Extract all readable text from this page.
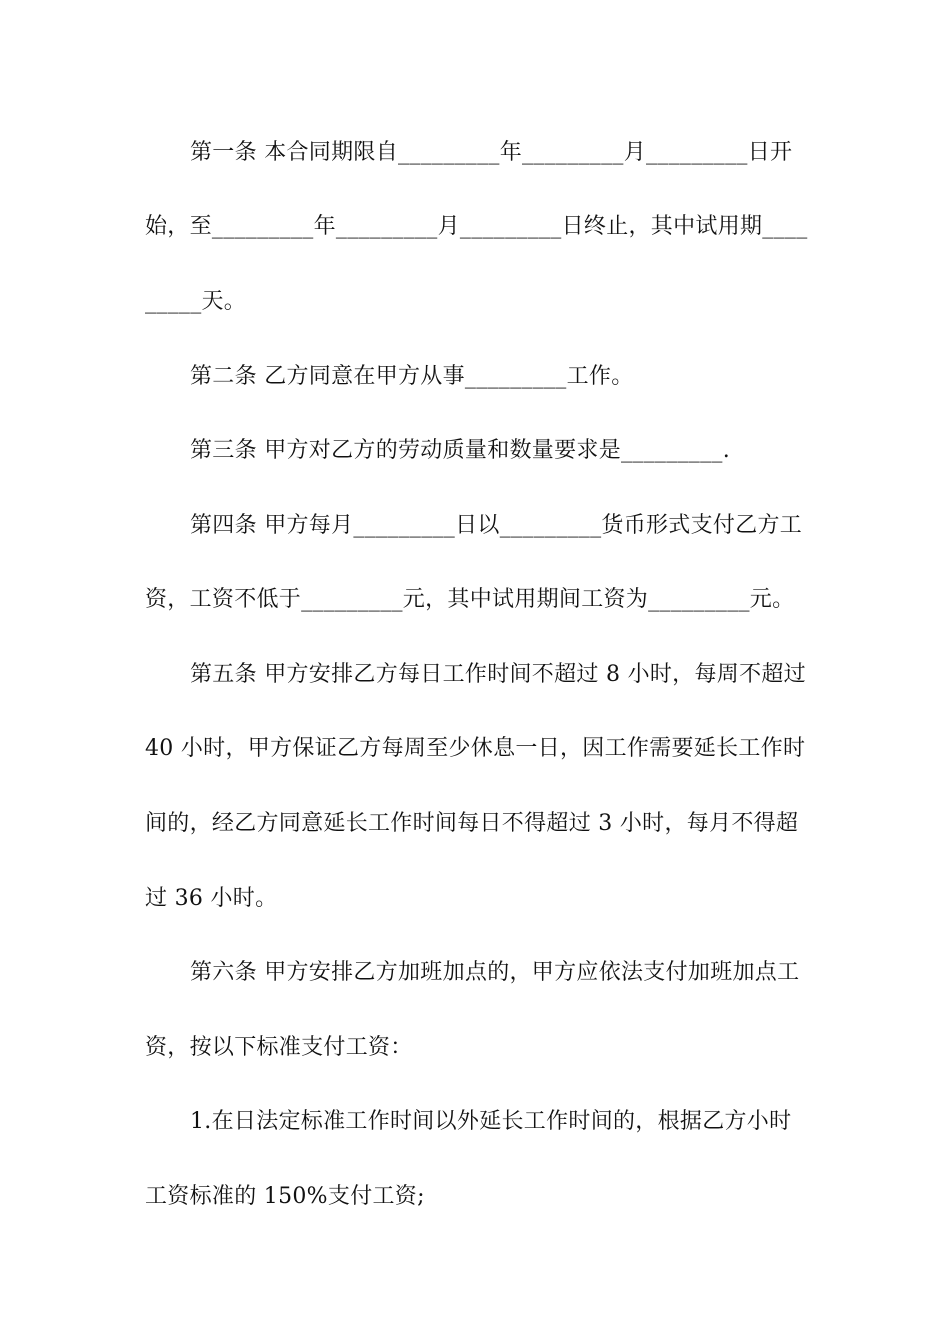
第一条 本合同期限自_________年_________月_________日开
始，至_________年_________月_________日终止，其中试用期____
_____天。
第二条 乙方同意在甲方从事_________工作。
第三条 甲方对乙方的劳动质量和数量要求是_________.
第四条 甲方每月_________日以_________货币形式支付乙方工
资，工资不低于_________元，其中试用期间工资为_________元。
第五条 甲方安排乙方每日工作时间不超过 8 小时，每周不超过
40 小时，甲方保证乙方每周至少休息一日，因工作需要延长工作时
间的，经乙方同意延长工作时间每日不得超过 3 小时，每月不得超
过 36 小时。
第六条 甲方安排乙方加班加点的，甲方应依法支付加班加点工
资，按以下标准支付工资：
1.在日法定标准工作时间以外延长工作时间的，根据乙方小时
工资标准的 150%支付工资;
